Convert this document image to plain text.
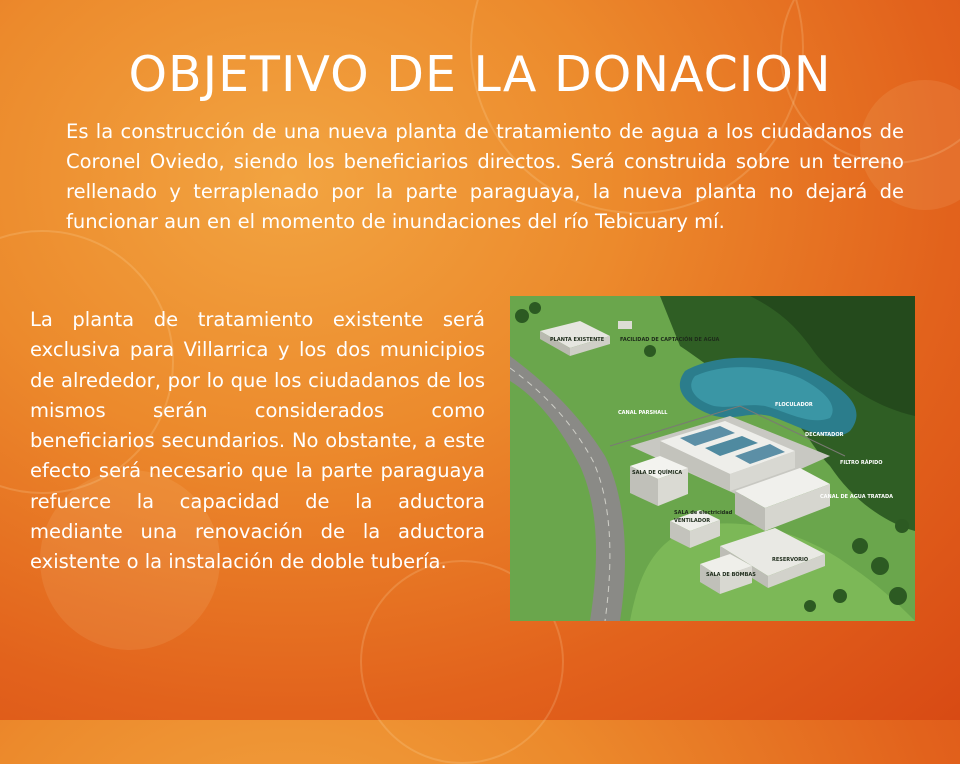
OBJETIVO DE LA DONACION

Es la construcción de una nueva planta de tratamiento de agua a los ciudadanos de Coronel Oviedo, siendo los beneficiarios directos. Será construida sobre un terreno rellenado y terraplenado por la parte paraguaya, la nueva planta no dejará de funcionar aun en el momento de inundaciones del río Tebicuary mí.

La planta de tratamiento existente será exclusiva para Villarrica y los dos municipios de alrededor, por lo que los ciudadanos de los mismos serán considerados como beneficiarios secundarios. No obstante, a este efecto será necesario que la parte paraguaya refuerce la capacidad de la aductora mediante una renovación de la aductora existente o la instalación de doble tubería.

PLANTA EXISTENTE	FACILIDAD DE CAPTACIÓN DE AGUA
CANAL PARSHALL
FLOCULADOR
DECANTADOR
FILTRO RÁPIDO
CANAL DE AGUA TRATADA
SALA DE QUÍMICA
SALA de electricidad
VENTILADOR
SALA DE BOMBAS
RESERVORIO
